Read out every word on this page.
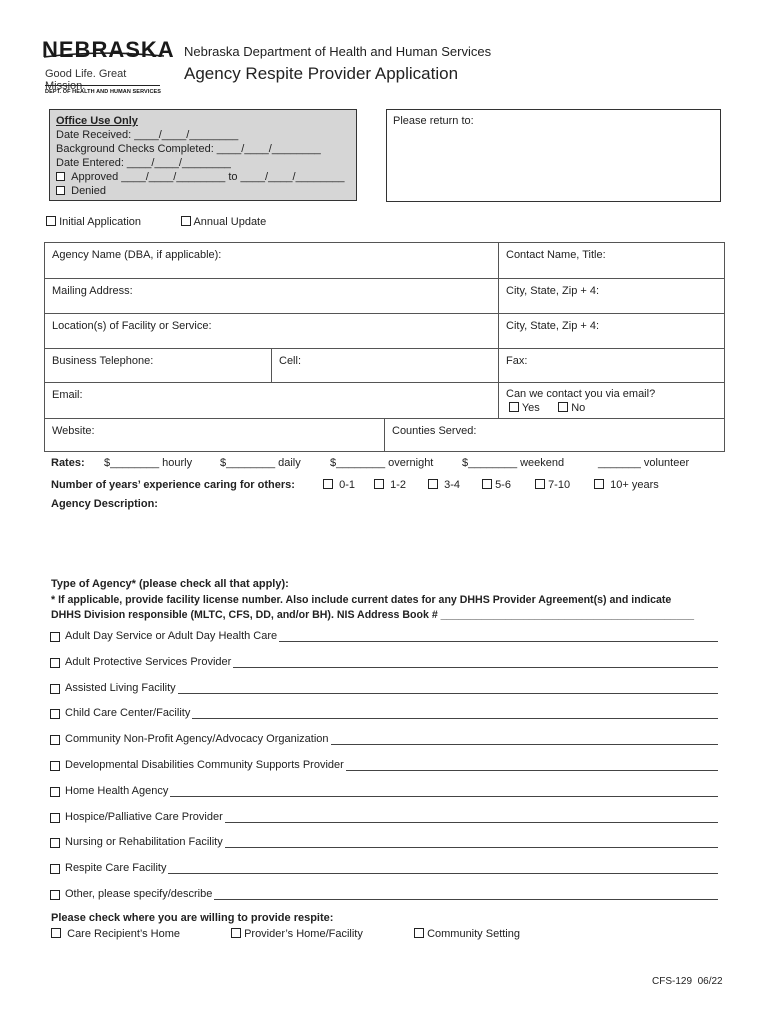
NEBRASKA
Good Life. Great Mission.
DEPT. OF HEALTH AND HUMAN SERVICES
Nebraska Department of Health and Human Services
Agency Respite Provider Application
Office Use Only
Date Received: ____/____/________
Background Checks Completed: ____/____/________
Date Entered: ____/____/________
Approved ____/____/________ to ____/____/________
Denied
Please return to:
Initial Application	Annual Update
Agency Name (DBA, if applicable):	Contact Name, Title:
Mailing Address:	City, State, Zip + 4:
Location(s) of Facility or Service:	City, State, Zip + 4:
Business Telephone:	Cell:	Fax:
Email:	Can we contact you via email?
Yes	No
Website:	Counties Served:
Rates: $________ hourly	$________ daily	$________ overnight	$________ weekend	_______ volunteer
Number of years’ experience caring for others:	0-1	1-2	3-4	5-6	7-10	10+ years
Agency Description:
Type of Agency* (please check all that apply):
* If applicable, provide facility license number. Also include current dates for any DHHS Provider Agreement(s) and indicate
DHHS Division responsible (MLTC, CFS, DD, and/or BH). NIS Address Book # ___________________________________________
Adult Day Service or Adult Day Health Care
Adult Protective Services Provider
Assisted Living Facility
Child Care Center/Facility
Community Non-Profit Agency/Advocacy Organization
Developmental Disabilities Community Supports Provider
Home Health Agency
Hospice/Palliative Care Provider
Nursing or Rehabilitation Facility
Respite Care Facility
Other, please specify/describe
Please check where you are willing to provide respite:
Care Recipient’s Home	Provider’s Home/Facility	Community Setting
CFS-129  06/22
